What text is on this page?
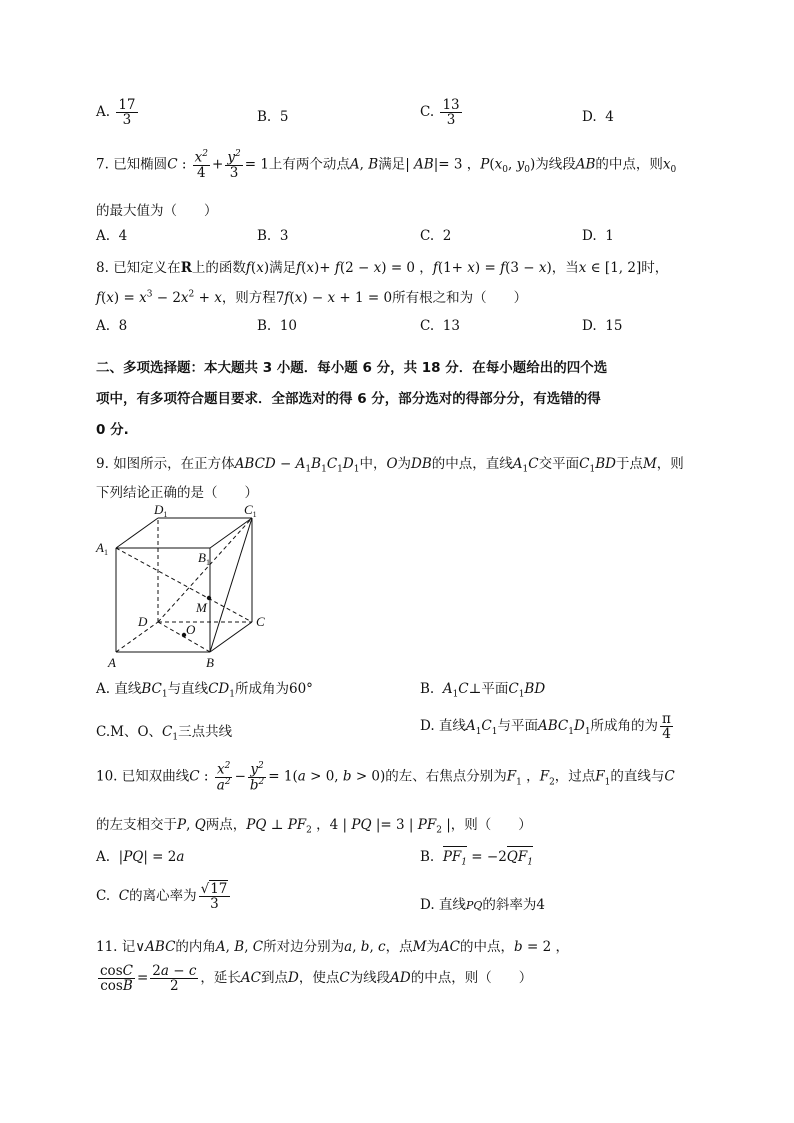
A. $\frac{17}{3}$	B. 5	C. $\frac{13}{3}$	D. 4
7. 已知椭圆C : $\frac{x^2}{4} + \frac{y^2}{3} = 1$上有两个动点A, B满足| AB|= 3 ，$P(x_0$, $y_0$)为线段AB的中点，则$x_0$
的最大值为（　　）
A. 4	B. 3	C. 2	D. 1
8. 已知定义在R上的函数f(x)满足f(x)+ f(2 − x) = 0 ，f(1+ x) = f(3 − x)，当x ∈ [1, 2]时，
$f(x) = x^3 - 2x^2 + x$，则方程7f(x) − x + 1 = 0所有根之和为（　　）
A. 8	B. 10	C. 13	D. 15
二、多项选择题：本大题共 3 小题．每小题 6 分，共 18 分．在每小题给出的四个选
项中，有多项符合题目要求．全部选对的得 6 分，部分选对的得部分分，有选错的得
0 分.
9. 如图所示，在正方体ABCD − $A_1B_1C_1D_1$中，O为DB的中点，直线$A_1C$交平面$C_1BD$于点M，则
下列结论正确的是（　　）
$D_1$	$C_1$
$A_1$	$B_1$
M
D
O
C
A	B
A. 直线$BC_1$与直线$CD_1$所成角为60°	B. $A_1C\perp$平面$C_1BD$
C.M、O、$C_1$三点共线	D. 直线$A_1C_1$与平面$ABC_1D_1$所成角的为 $\frac{\pi}{4}$
10. 已知双曲线C : $\frac{x^2}{a^2} - \frac{y^2}{b^2} = 1(a > 0$, b > 0)的左、右焦点分别为$F_1$ ，$F_2$，过点$F_1$的直线与C
的左支相交于P, Q两点，PQ ⊥ $PF_2$ ，4 | PQ |= 3 | $PF_2$ |，则（　　）
A.  |PQ| = 2a	B. $PF_1 = -2QF_1$
C. C的离心率为 $\frac{√17}{3}$	D. 直线PQ的斜率为4
11. 记∨ABC的内角A, B, C所对边分别为a, b, c，点M为AC的中点，b = 2 ，
$\frac{\cos C}{\cos B} = \frac{2a - c}{2}$ ，延长AC到点D，使点C为线段AD的中点，则（　　）
